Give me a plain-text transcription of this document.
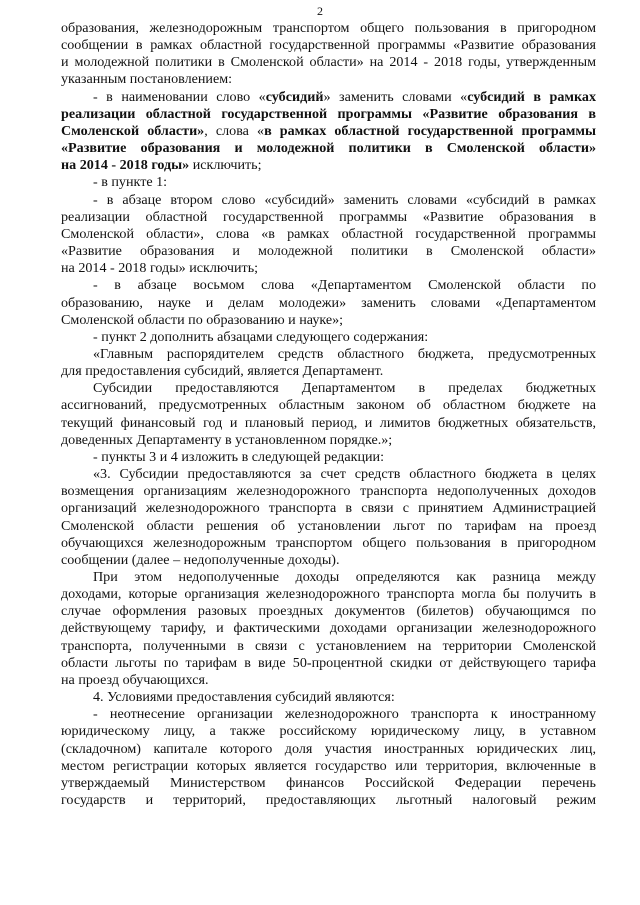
2
образования, железнодорожным транспортом общего пользования в пригородном
сообщении в рамках областной государственной программы «Развитие образования
и молодежной политики в Смоленской области» на 2014 - 2018 годы, утвержденным
указанным постановлением:
- в наименовании слово «субсидий» заменить словами «субсидий в рамках
реализации областной государственной программы «Развитие образования в
Смоленской области», слова «в рамках областной государственной программы
«Развитие образования и молодежной политики в Смоленской области»
на 2014 - 2018 годы» исключить;
- в пункте 1:
- в абзаце втором слово «субсидий» заменить словами «субсидий в рамках
реализации областной государственной программы «Развитие образования в
Смоленской области», слова «в рамках областной государственной программы
«Развитие образования и молодежной политики в Смоленской области»
на 2014 - 2018 годы» исключить;
- в абзаце восьмом слова «Департаментом Смоленской области по
образованию, науке и делам молодежи» заменить словами «Департаментом
Смоленской области по образованию и науке»;
- пункт 2 дополнить абзацами следующего содержания:
«Главным распорядителем средств областного бюджета, предусмотренных
для предоставления субсидий, является Департамент.
Субсидии предоставляются Департаментом в пределах бюджетных
ассигнований, предусмотренных областным законом об областном бюджете на
текущий финансовый год и плановый период, и лимитов бюджетных обязательств,
доведенных Департаменту в установленном порядке.»;
- пункты 3 и 4 изложить в следующей редакции:
«3. Субсидии предоставляются за счет средств областного бюджета в целях
возмещения организациям железнодорожного транспорта недополученных доходов
организаций железнодорожного транспорта в связи с принятием Администрацией
Смоленской области решения об установлении льгот по тарифам на проезд
обучающихся железнодорожным транспортом общего пользования в пригородном
сообщении (далее – недополученные доходы).
При этом недополученные доходы определяются как разница между
доходами, которые организация железнодорожного транспорта могла бы получить в
случае оформления разовых проездных документов (билетов) обучающимся по
действующему тарифу, и фактическими доходами организации железнодорожного
транспорта, полученными в связи с установлением на территории Смоленской
области льготы по тарифам в виде 50-процентной скидки от действующего тарифа
на проезд обучающихся.
4. Условиями предоставления субсидий являются:
- неотнесение организации железнодорожного транспорта к иностранному
юридическому лицу, а также российскому юридическому лицу, в уставном
(складочном) капитале которого доля участия иностранных юридических лиц,
местом регистрации которых является государство или территория, включенные в
утверждаемый Министерством финансов Российской Федерации перечень
государств и территорий, предоставляющих льготный налоговый режим
